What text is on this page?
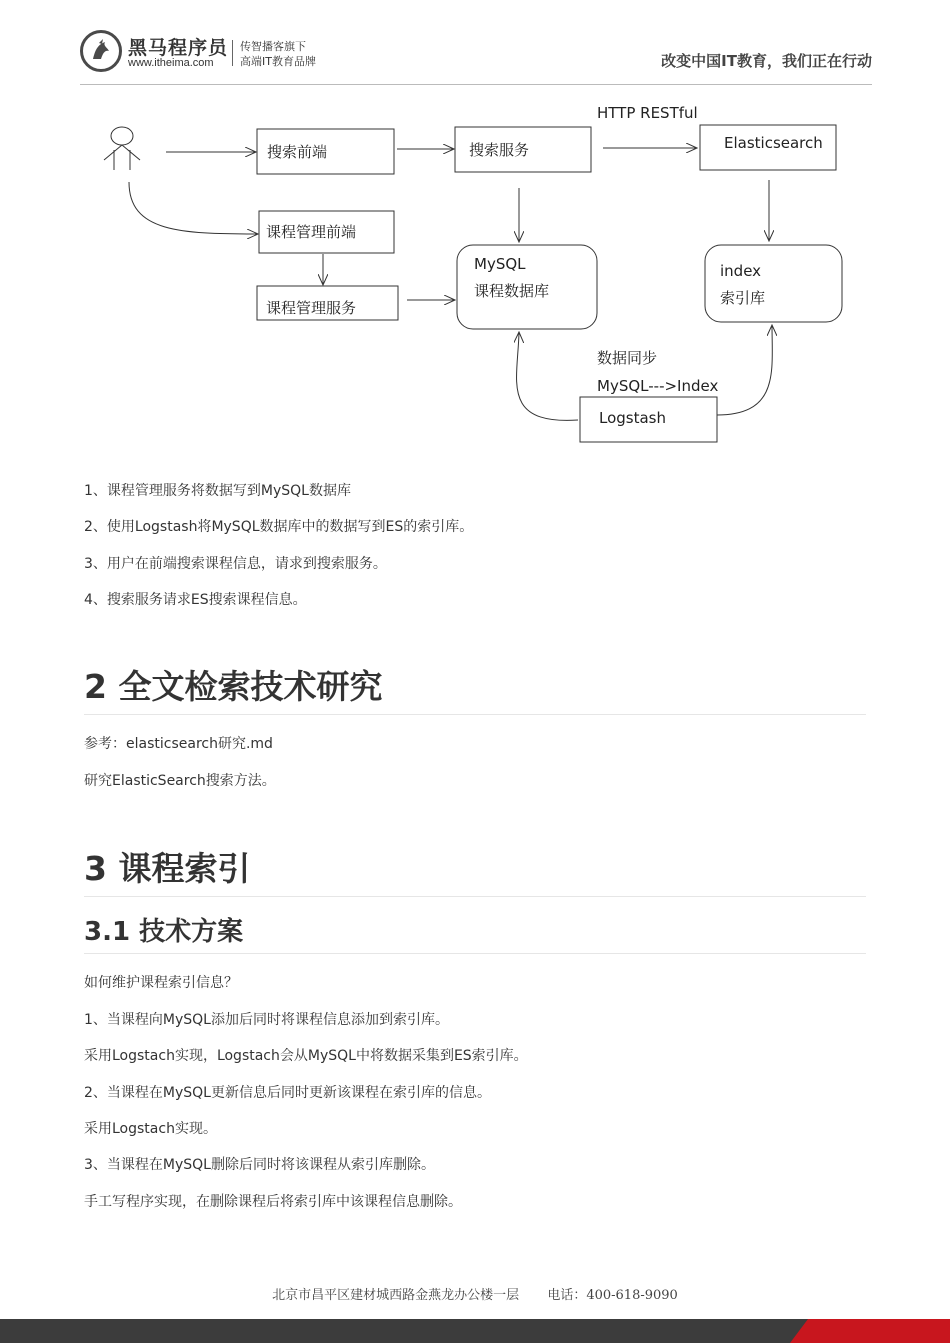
黑马程序员
www.itheima.com
传智播客旗下
高端IT教育品牌	改变中国IT教育，我们正在行动
HTTP RESTful
搜索前端	搜索服务	Elasticsearch
课程管理前端
课程管理服务
MySQL
课程数据库
index
索引库
数据同步
MySQL--->Index
Logstash
1、课程管理服务将数据写到MySQL数据库
2、使用Logstash将MySQL数据库中的数据写到ES的索引库。
3、用户在前端搜索课程信息，请求到搜索服务。
4、搜索服务请求ES搜索课程信息。
2 全文检索技术研究
参考：elasticsearch研究.md
研究ElasticSearch搜索方法。
3 课程索引
3.1 技术方案
如何维护课程索引信息？
1、当课程向MySQL添加后同时将课程信息添加到索引库。
采用Logstach实现，Logstach会从MySQL中将数据采集到ES索引库。
2、当课程在MySQL更新信息后同时更新该课程在索引库的信息。
采用Logstach实现。
3、当课程在MySQL删除后同时将该课程从索引库删除。
手工写程序实现，在删除课程后将索引库中该课程信息删除。
北京市昌平区建材城西路金燕龙办公楼一层 电话：400-618-9090
